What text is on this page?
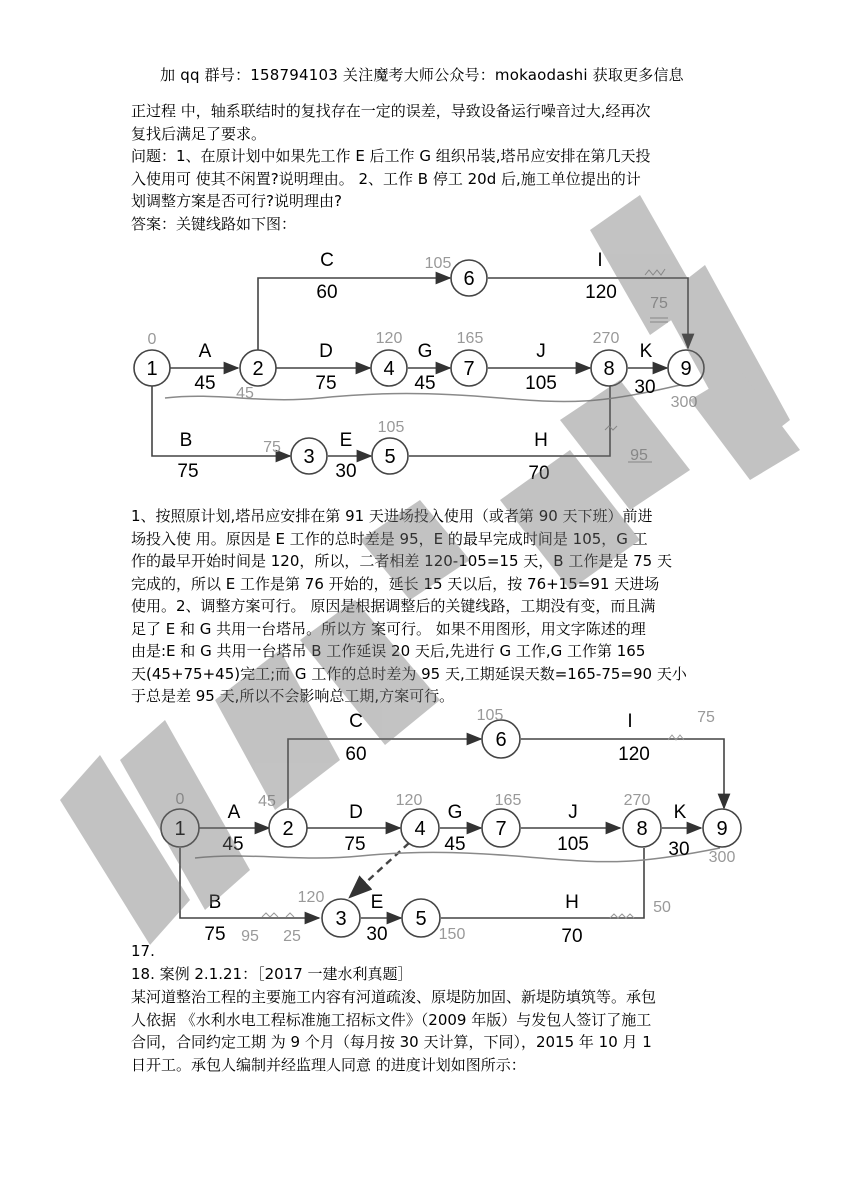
加 qq 群号：158794103 关注魔考大师公众号：mokaodashi 获取更多信息
正过程 中，轴系联结时的复找存在一定的误差，导致设备运行噪音过大,经再次
复找后满足了要求。
问题：1、在原计划中如果先工作 E 后工作 G 组织吊装,塔吊应安排在第几天投
入使用可 使其不闲置?说明理由。 2、工作 B 停工 20d 后,施工单位提出的计
划调整方案是否可行?说明理由?
答案：关键线路如下图：
1	2
6
4	7	8	9
3	5
A
45
C
60
I
120
D
75
G
45
J
105
K
30
B
75
E
30
H
70
0
105
120	165	270
45
75
300
75
105
95
1、按照原计划,塔吊应安排在第 91 天进场投入使用（或者第 90 天下班）前进
场投入使 用。原因是 E 工作的总时差是 95，E 的最早完成时间是 105，G 工
作的最早开始时间是 120，所以，二者相差 120-105=15 天，B 工作是是 75 天
完成的，所以 E 工作是第 76 开始的，延长 15 天以后，按 76+15=91 天进场
使用。2、调整方案可行。 原因是根据调整后的关键线路，工期没有变，而且满
足了 E 和 G 共用一台塔吊。所以方 案可行。 如果不用图形，用文字陈述的理
由是:E 和 G 共用一台塔吊 B 工作延误 20 天后,先进行 G 工作,G 工作第 165
天(45+75+45)完工;而 G 工作的总时差为 95 天,工期延误天数=165-75=90 天小
于总是差 95 天,所以不会影响总工期,方案可行。
1	2
6
4	7	8	9
3	5
A
45
C
60
I
120
D
75
G
45
J
105
K
30
B
75
E
30
H
70
0	45
105
120	165	270
75
300
120
95 25	150
50
17.
18. 案例 2.1.21：［2017 一建水利真题］
某河道整治工程的主要施工内容有河道疏浚、原堤防加固、新堤防填筑等。承包
人依据 《水利水电工程标准施工招标文件》（2009 年版）与发包人签订了施工
合同，合同约定工期 为 9 个月（每月按 30 天计算，下同），2015 年 10 月 1
日开工。承包人编制并经监理人同意 的进度计划如图所示：
